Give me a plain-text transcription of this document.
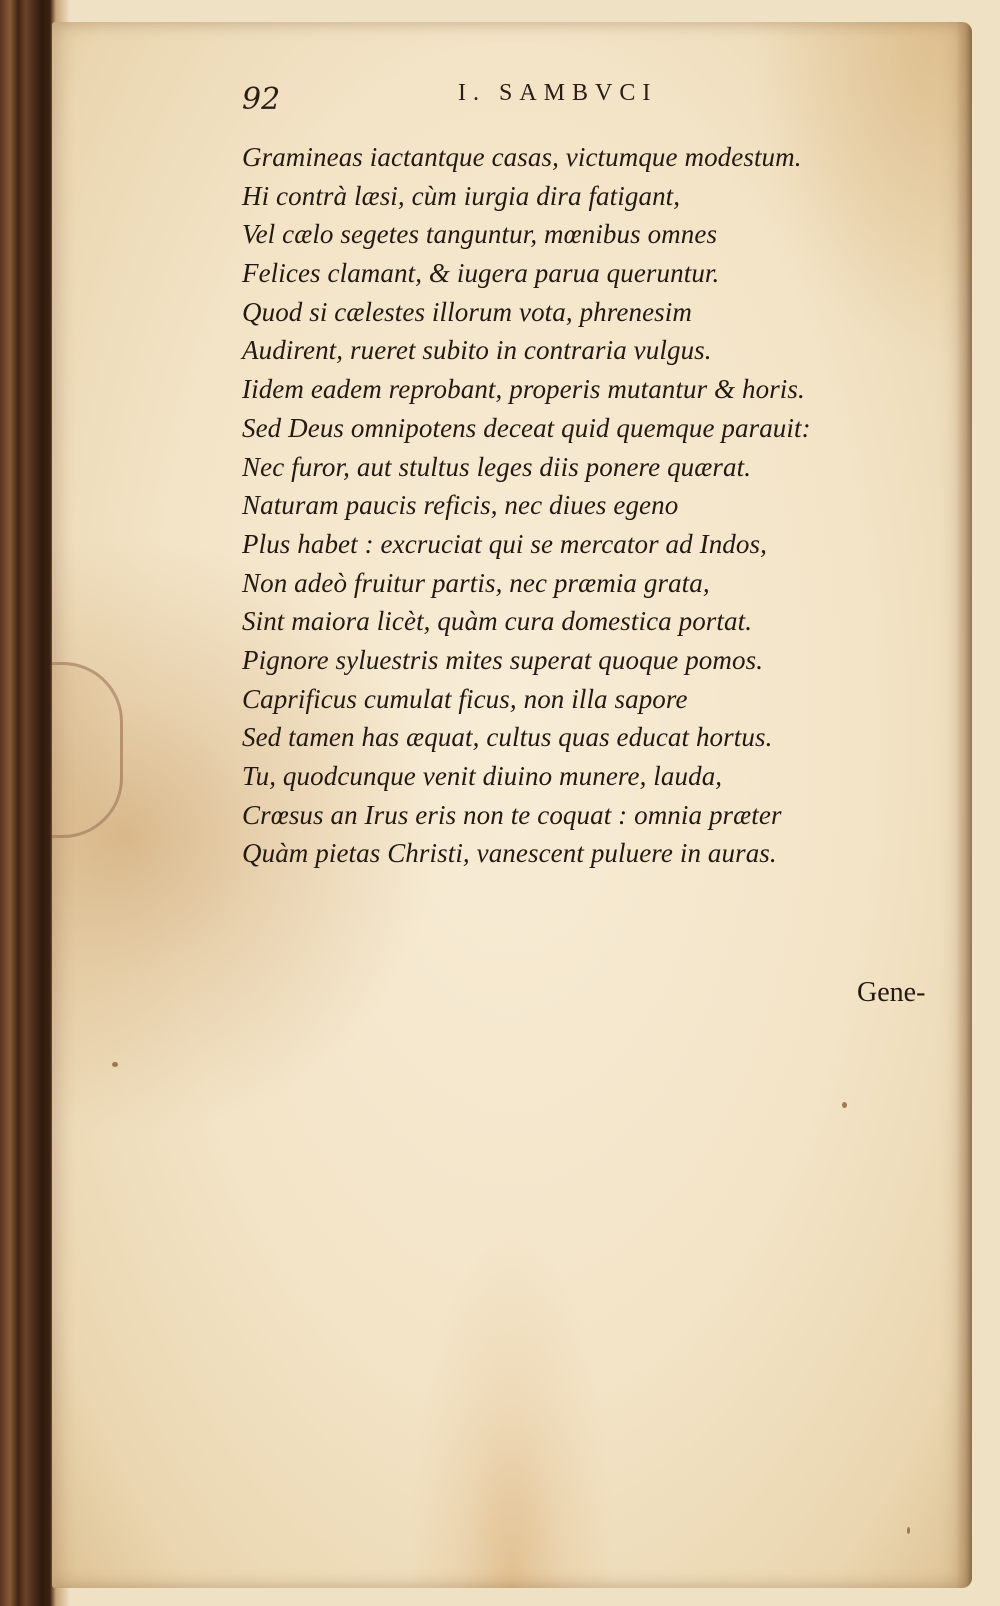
92	I. SAMBVCI
Gramineas iactantque casas, victumque modestum.
Hi contrà læsi, cùm iurgia dira fatigant,
Vel cælo segetes tanguntur, mœnibus omnes
Felices clamant, & iugera parua queruntur.
Quod si cælestes illorum vota, phrenesim
Audirent, rueret subito in contraria vulgus.
Iidem eadem reprobant, properis mutantur & horis.
Sed Deus omnipotens deceat quid quemque parauit:
Nec furor, aut stultus leges diis ponere quærat.
Naturam paucis reficis, nec diues egeno
Plus habet : excruciat qui se mercator ad Indos,
Non adeò fruitur partis, nec præmia grata,
Sint maiora licèt, quàm cura domestica portat.
Pignore syluestris mites superat quoque pomos.
Caprificus cumulat ficus, non illa sapore
Sed tamen has æquat, cultus quas educat hortus.
Tu, quodcunque venit diuino munere, lauda,
Crœsus an Irus eris non te coquat : omnia præter
Quàm pietas Christi, vanescent puluere in auras.
Gene-
